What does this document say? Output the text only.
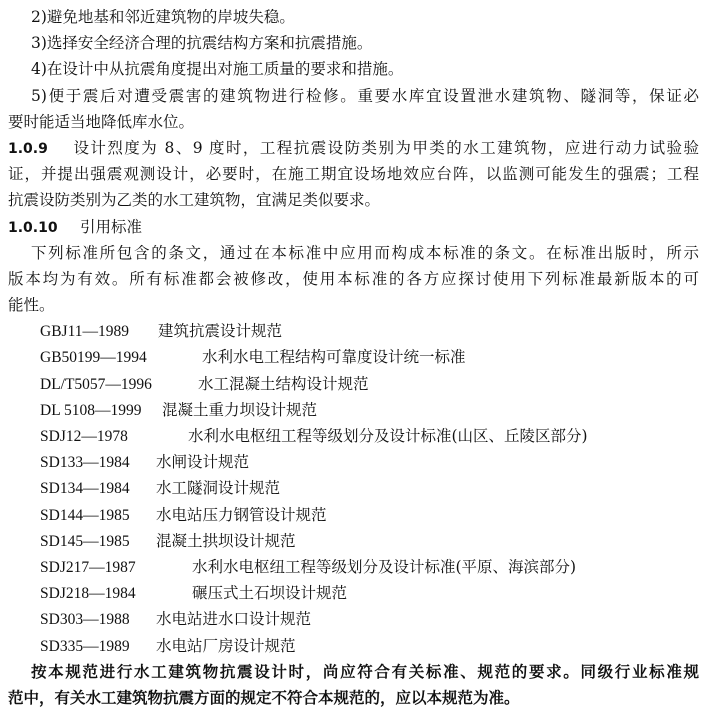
2)避免地基和邻近建筑物的岸坡失稳。
3)选择安全经济合理的抗震结构方案和抗震措施。
4)在设计中从抗震角度提出对施工质量的要求和措施。
5)便于震后对遭受震害的建筑物进行检修。重要水库宜设置泄水建筑物、隧洞等，保证必
要时能适当地降低库水位。
1.0.9 设计烈度为 8、9 度时，工程抗震设防类别为甲类的水工建筑物，应进行动力试验验
证，并提出强震观测设计，必要时，在施工期宜设场地效应台阵，以监测可能发生的强震；工程
抗震设防类别为乙类的水工建筑物，宜满足类似要求。
1.0.10 引用标准
下列标准所包含的条文，通过在本标准中应用而构成本标准的条文。在标准出版时，所示
版本均为有效。所有标准都会被修改，使用本标准的各方应探讨使用下列标准最新版本的可
能性。
GBJ11—1989 建筑抗震设计规范
GB50199—1994	水利水电工程结构可靠度设计统一标准
DL/T5057—1996	水工混凝土结构设计规范
DL 5108—1999 混凝土重力坝设计规范
SDJ12—1978	水利水电枢纽工程等级划分及设计标准(山区、丘陵区部分)
SD133—1984 水闸设计规范
SD134—1984 水工隧洞设计规范
SD144—1985 水电站压力钢管设计规范
SD145—1985 混凝土拱坝设计规范
SDJ217—1987	水利水电枢纽工程等级划分及设计标准(平原、海滨部分)
SDJ218—1984	碾压式土石坝设计规范
SD303—1988 水电站进水口设计规范
SD335—1989 水电站厂房设计规范
按本规范进行水工建筑物抗震设计时，尚应符合有关标准、规范的要求。同级行业标准规
范中，有关水工建筑物抗震方面的规定不符合本规范的，应以本规范为准。
